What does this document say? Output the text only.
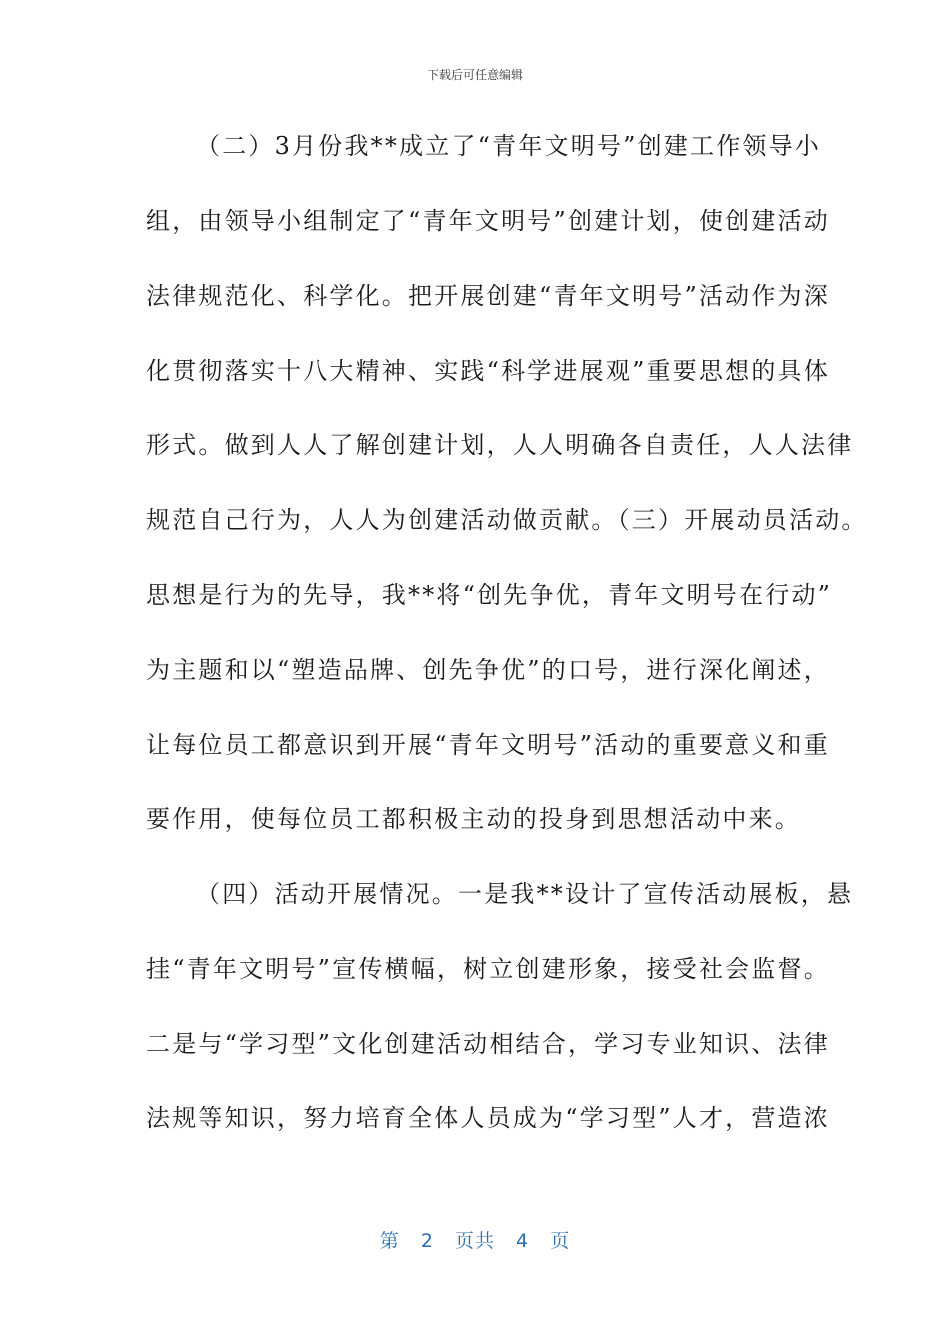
下载后可任意编辑
（二）3月份我**成立了“青年文明号”创建工作领导小
组，由领导小组制定了“青年文明号”创建计划，使创建活动
法律规范化、科学化。把开展创建“青年文明号”活动作为深
化贯彻落实十八大精神、实践“科学进展观”重要思想的具体
形式。做到人人了解创建计划，人人明确各自责任，人人法律
规范自己行为，人人为创建活动做贡献。（三）开展动员活动。
思想是行为的先导，我**将“创先争优，青年文明号在行动”
为主题和以“塑造品牌、创先争优”的口号，进行深化阐述，
让每位员工都意识到开展“青年文明号”活动的重要意义和重
要作用，使每位员工都积极主动的投身到思想活动中来。
（四）活动开展情况。一是我**设计了宣传活动展板，悬
挂“青年文明号”宣传横幅，树立创建形象，接受社会监督。
二是与“学习型”文化创建活动相结合，学习专业知识、法律
法规等知识，努力培育全体人员成为“学习型”人才，营造浓
第 2 页共 4 页
